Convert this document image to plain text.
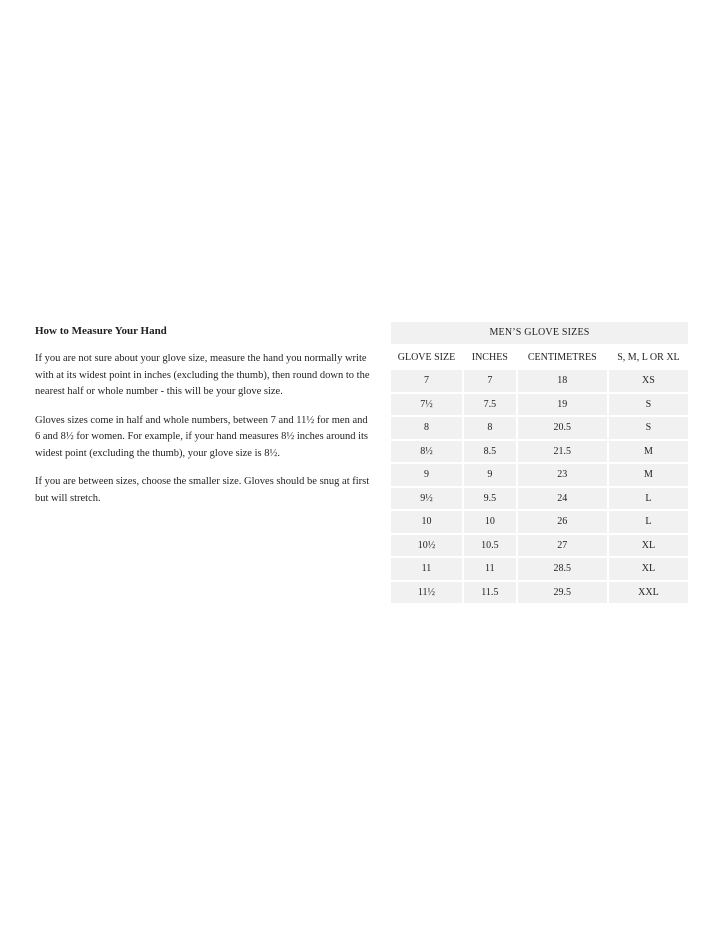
How to Measure Your Hand

If you are not sure about your glove size, measure the hand you normally write with at its widest point in inches (excluding the thumb), then round down to the nearest half or whole number - this will be your glove size.

Gloves sizes come in half and whole numbers, between 7 and 11½ for men and 6 and 8½ for women. For example, if your hand measures 8½ inches around its widest point (excluding the thumb), your glove size is 8½.

If you are between sizes, choose the smaller size. Gloves should be snug at first but will stretch.

MEN’S GLOVE SIZES
GLOVE SIZE	INCHES	CENTIMETRES	S, M, L OR XL
7	7	18	XS
7½	7.5	19	S
8	8	20.5	S
8½	8.5	21.5	M
9	9	23	M
9½	9.5	24	L
10	10	26	L
10½	10.5	27	XL
11	11	28.5	XL
11½	11.5	29.5	XXL
